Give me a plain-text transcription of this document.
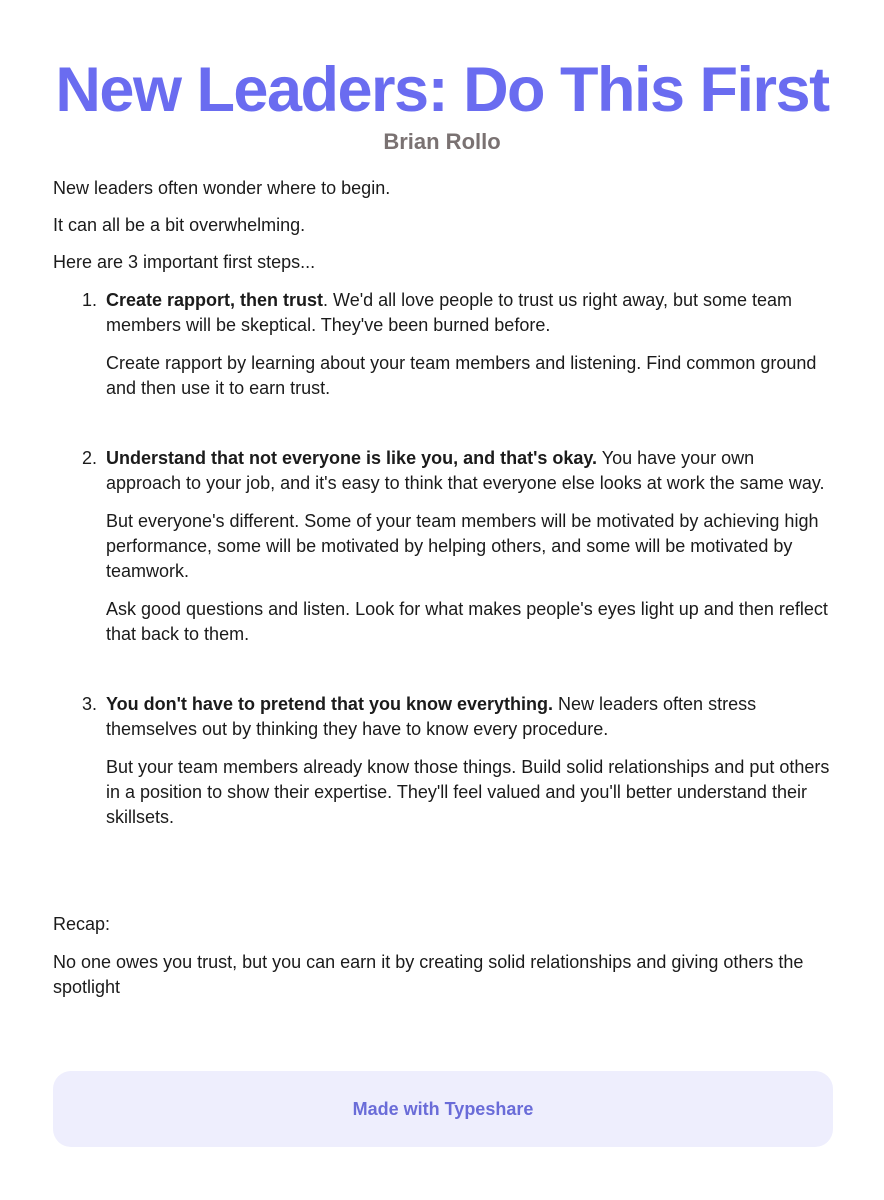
New Leaders: Do This First
Brian Rollo

New leaders often wonder where to begin.

It can all be a bit overwhelming.

Here are 3 important first steps...

1. Create rapport, then trust. We'd all love people to trust us right away, but some team members will be skeptical. They've been burned before.

Create rapport by learning about your team members and listening. Find common ground and then use it to earn trust.

2. Understand that not everyone is like you, and that's okay. You have your own approach to your job, and it's easy to think that everyone else looks at work the same way.

But everyone's different. Some of your team members will be motivated by achieving high performance, some will be motivated by helping others, and some will be motivated by teamwork.

Ask good questions and listen. Look for what makes people's eyes light up and then reflect that back to them.

3. You don't have to pretend that you know everything. New leaders often stress themselves out by thinking they have to know every procedure.

But your team members already know those things. Build solid relationships and put others in a position to show their expertise. They'll feel valued and you'll better understand their skillsets.

Recap:

No one owes you trust, but you can earn it by creating solid relationships and giving others the spotlight

Made with Typeshare
